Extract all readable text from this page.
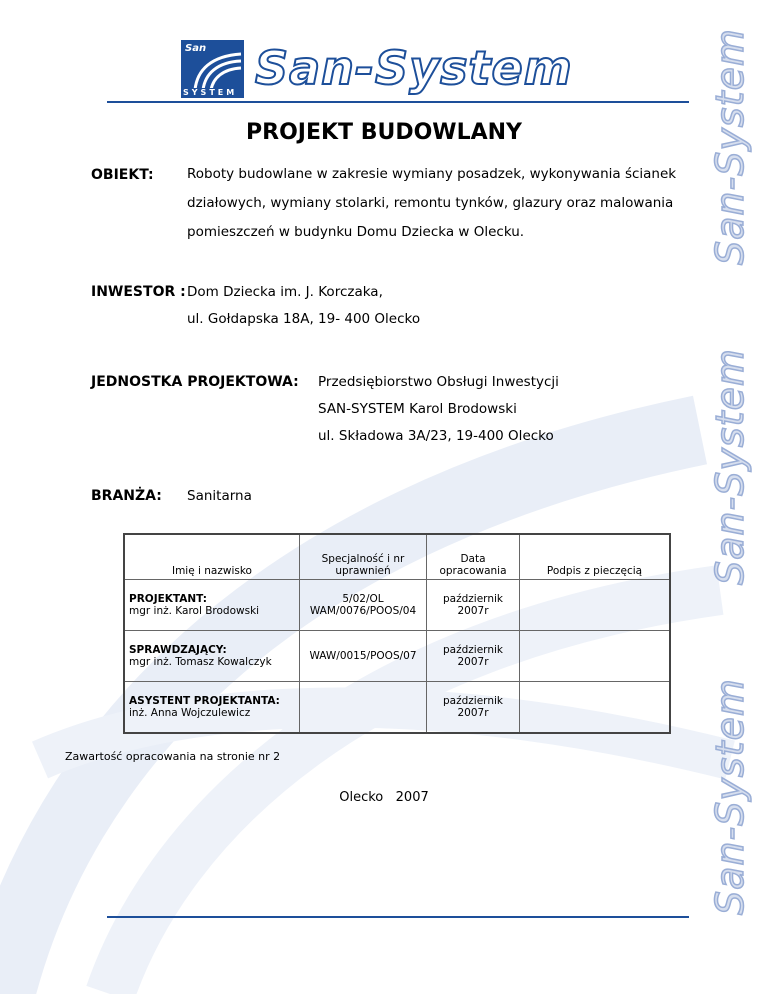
San-System
San-System
San-System
San
SYSTEM San-System
PROJEKT BUDOWLANY
OBIEKT: Roboty budowlane w zakresie wymiany posadzek, wykonywania ścianek
działowych, wymiany stolarki, remontu tynków, glazury oraz malowania
pomieszczeń w budynku Domu Dziecka w Olecku.
INWESTOR : Dom Dziecka im. J. Korczaka,
ul. Gołdapska 18A, 19- 400 Olecko
JEDNOSTKA PROJEKTOWA: Przedsiębiorstwo Obsługi Inwestycji
SAN-SYSTEM Karol Brodowski
ul. Składowa 3A/23, 19-400 Olecko
BRANŻA: Sanitarna
Imię i nazwisko	Specjalność i nr uprawnień	Data opracowania	Podpis z pieczęcią

PROJEKTANT:
mgr inż. Karol Brodowski	5/02/OL WAM/0076/POOS/04	październik 2007r	

SPRAWDZAJĄCY:
mgr inż. Tomasz Kowalczyk	WAW/0015/POOS/07	październik 2007r	

ASYSTENT PROJEKTANTA:
inż. Anna Wojczulewicz		październik 2007r	
Zawartość opracowania na stronie nr 2
Olecko 2007
